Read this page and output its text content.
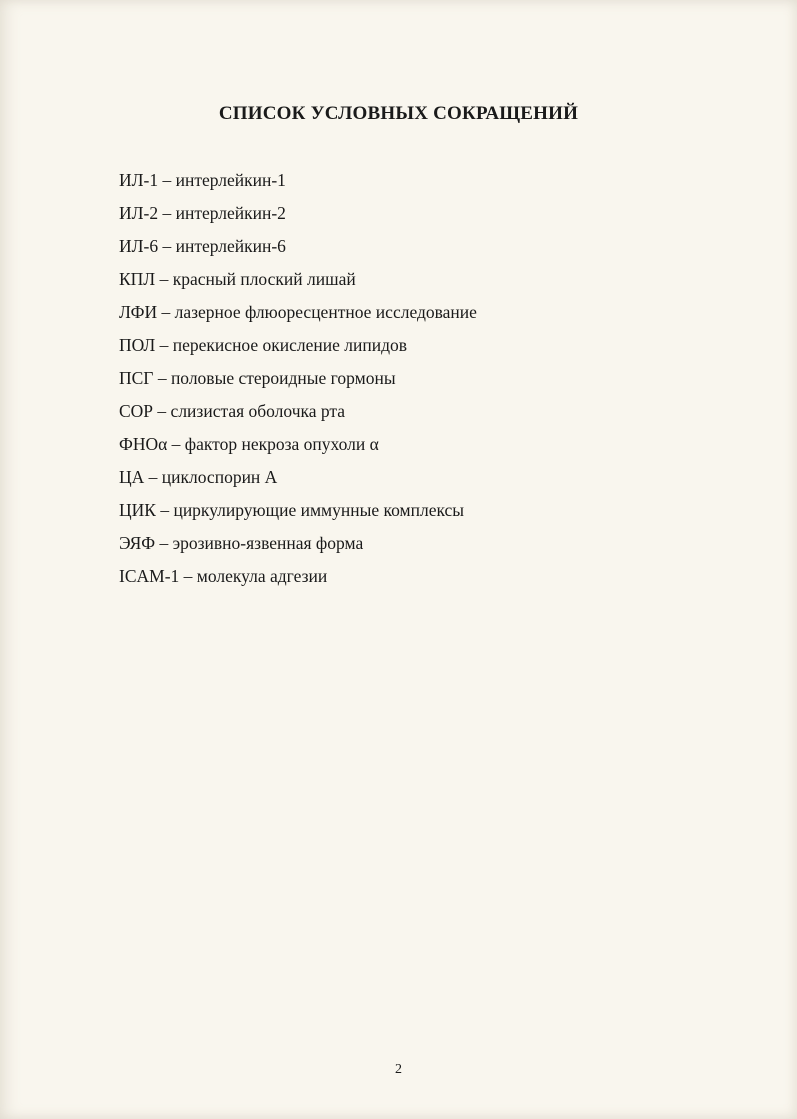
СПИСОК УСЛОВНЫХ СОКРАЩЕНИЙ
ИЛ-1 – интерлейкин-1
ИЛ-2 – интерлейкин-2
ИЛ-6 – интерлейкин-6
КПЛ – красный плоский лишай
ЛФИ – лазерное флюоресцентное исследование
ПОЛ – перекисное окисление липидов
ПСГ – половые стероидные гормоны
СОР – слизистая оболочка рта
ФНОα – фактор некроза опухоли α
ЦА – циклоспорин А
ЦИК – циркулирующие иммунные комплексы
ЭЯФ – эрозивно-язвенная форма
ICAM-1 – молекула адгезии
2
